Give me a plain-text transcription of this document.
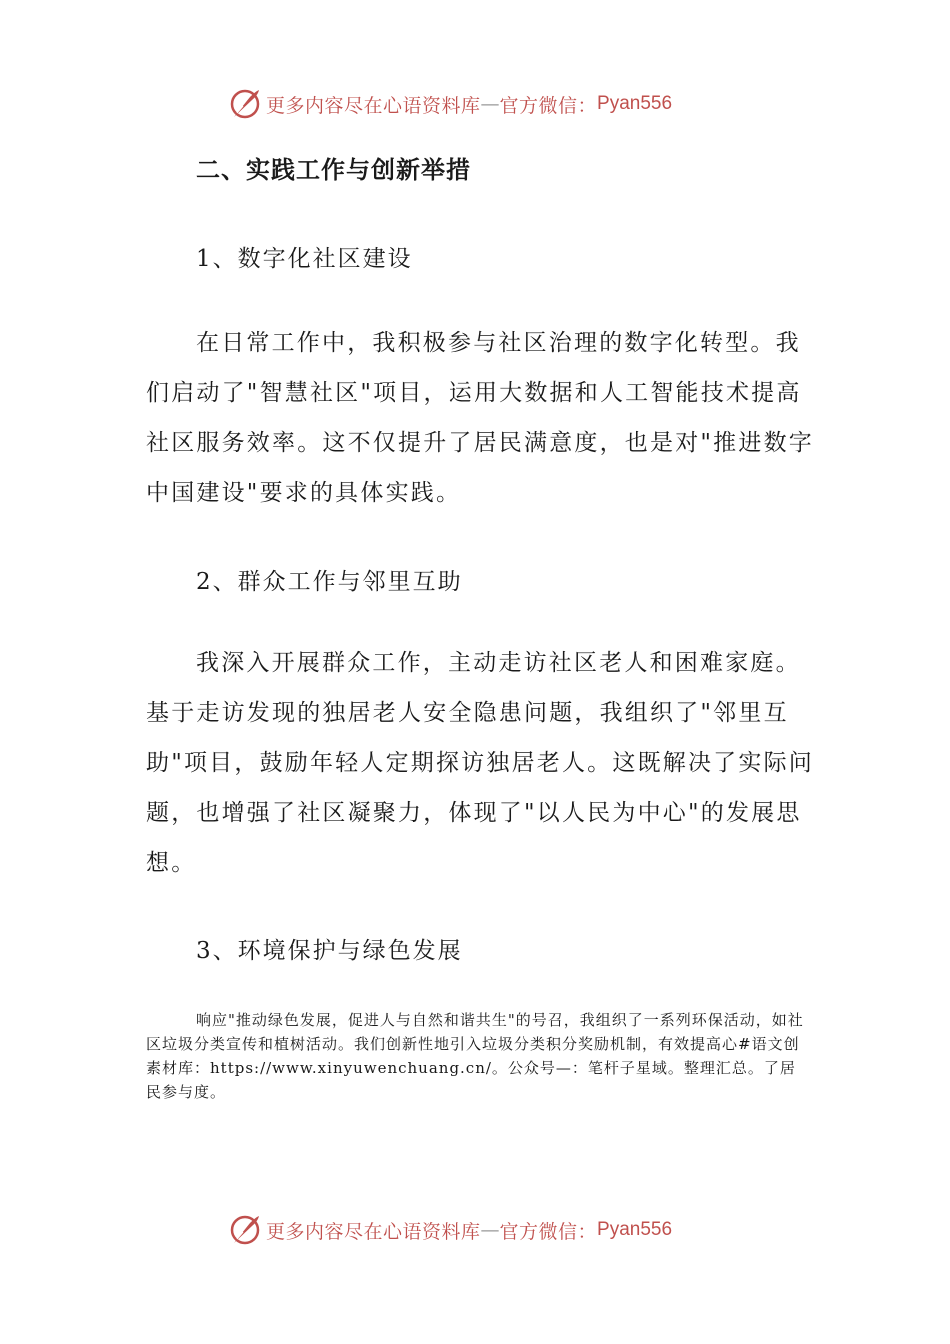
更多内容尽在心语资料库 — 官方微信： Pyan556
二、实践工作与创新举措
1、数字化社区建设

在日常工作中，我积极参与社区治理的数字化转型。我们启动了"智慧社区"项目，运用大数据和人工智能技术提高社区服务效率。这不仅提升了居民满意度，也是对"推进数字中国建设"要求的具体实践。

2、群众工作与邻里互助

我深入开展群众工作，主动走访社区老人和困难家庭。基于走访发现的独居老人安全隐患问题，我组织了"邻里互助"项目，鼓励年轻人定期探访独居老人。这既解决了实际问题，也增强了社区凝聚力，体现了"以人民为中心"的发展思想。

3、环境保护与绿色发展

响应"推动绿色发展，促进人与自然和谐共生"的号召，我组织了一系列环保活动，如社区垃圾分类宣传和植树活动。我们创新性地引入垃圾分类积分奖励机制，有效提高心#语文创素材库：https://www.xinyuwenchuang.cn/。公众号—：笔杆子星域。整理汇总。了居民参与度。

更多内容尽在心语资料库 — 官方微信： Pyan556
